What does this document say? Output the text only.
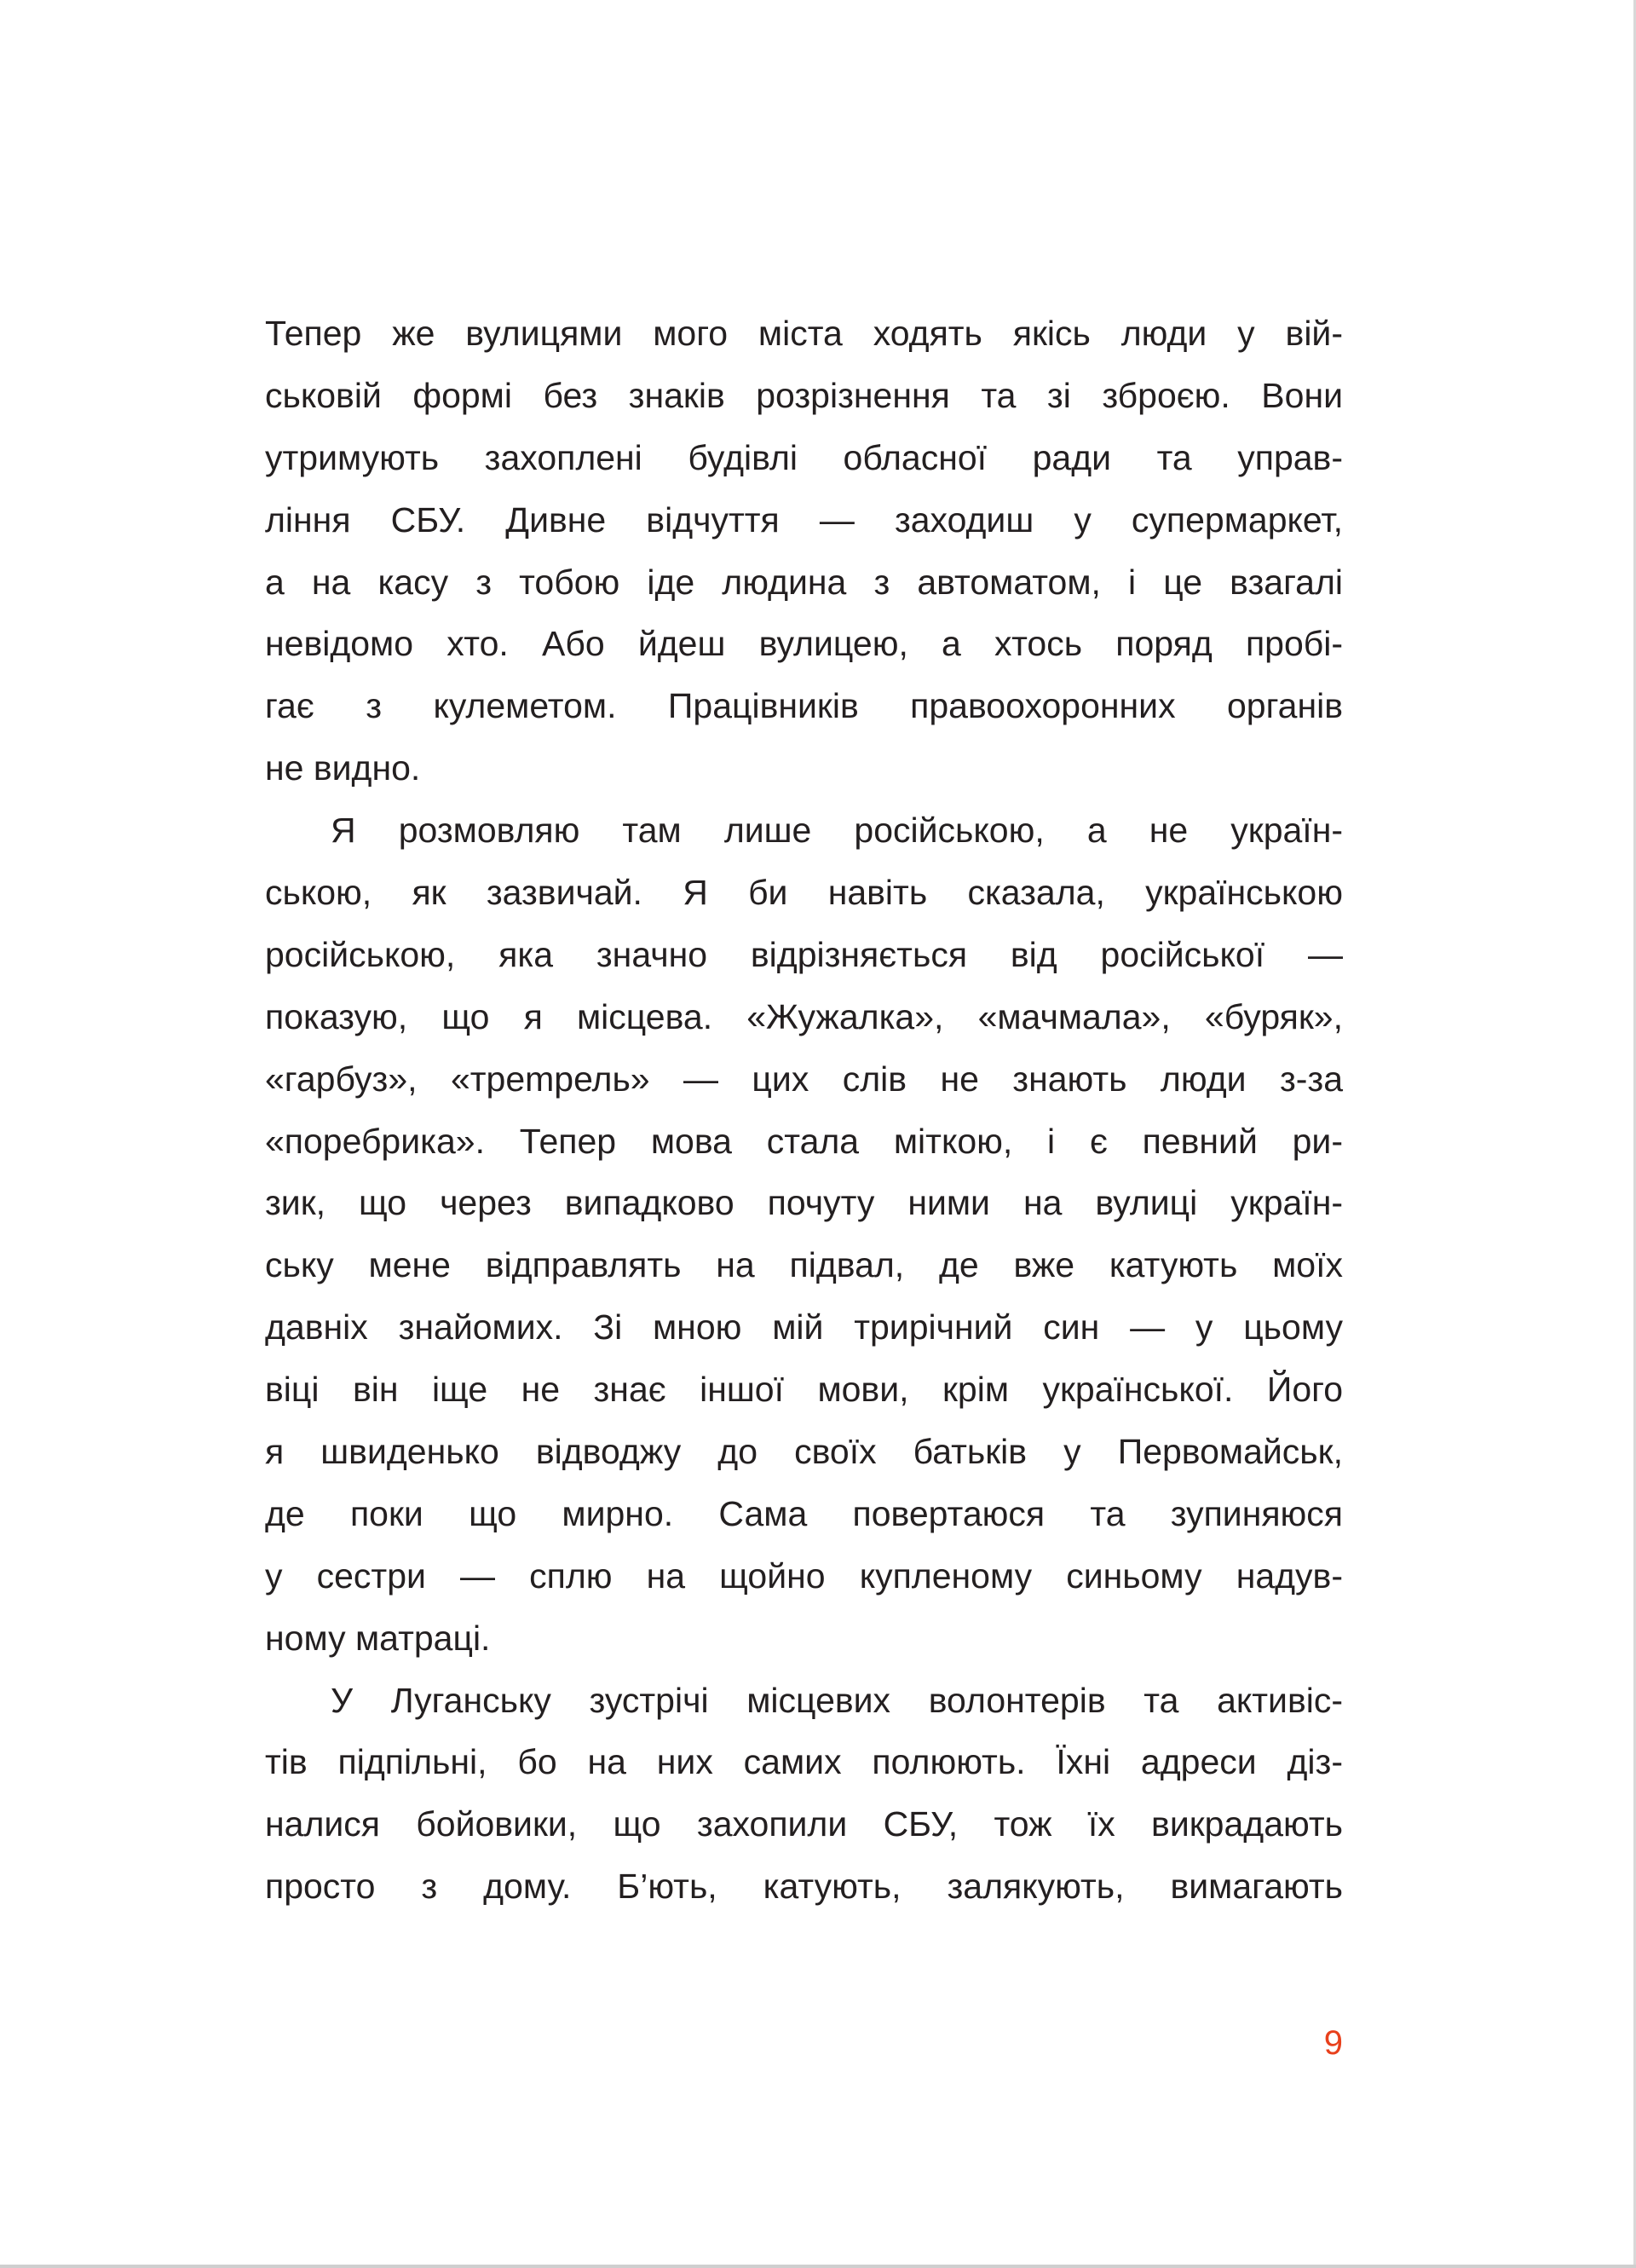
Тепер же вулицями мого міста ходять якісь люди у вій-
ськовій формі без знаків розрізнення та зі зброєю. Вони
утримують захоплені будівлі обласної ради та управ-
ління СБУ. Дивне відчуття — заходиш у супермаркет,
а на касу з тобою іде людина з автоматом, і це взагалі
невідомо хто. Або йдеш вулицею, а хтось поряд пробі-
гає з кулеметом. Працівників правоохоронних органів
не видно.
Я розмовляю там лише російською, а не україн-
ською, як зазвичай. Я би навіть сказала, українською
російською, яка значно відрізняється від російської —
показую, що я місцева. «Жужалка», «мачмала», «буряк»,
«гарбуз», «трempель» — цих слів не знають люди з-за
«поребрика». Тепер мова стала міткою, і є певний ри-
зик, що через випадково почуту ними на вулиці україн-
ську мене відправлять на підвал, де вже катують моїх
давніх знайомих. Зі мною мій трирічний син — у цьому
віці він іще не знає іншої мови, крім української. Його
я швиденько відводжу до своїх батьків у Первомайськ,
де поки що мирно. Сама повертаюся та зупиняюся
у сестри — сплю на щойно купленому синьому надув-
ному матраці.
У Луганську зустрічі місцевих волонтерів та активіс-
тів підпільні, бо на них самих полюють. Їхні адреси діз-
налися бойовики, що захопили СБУ, тож їх викрадають
просто з дому. Б’ють, катують, залякують, вимагають
9
